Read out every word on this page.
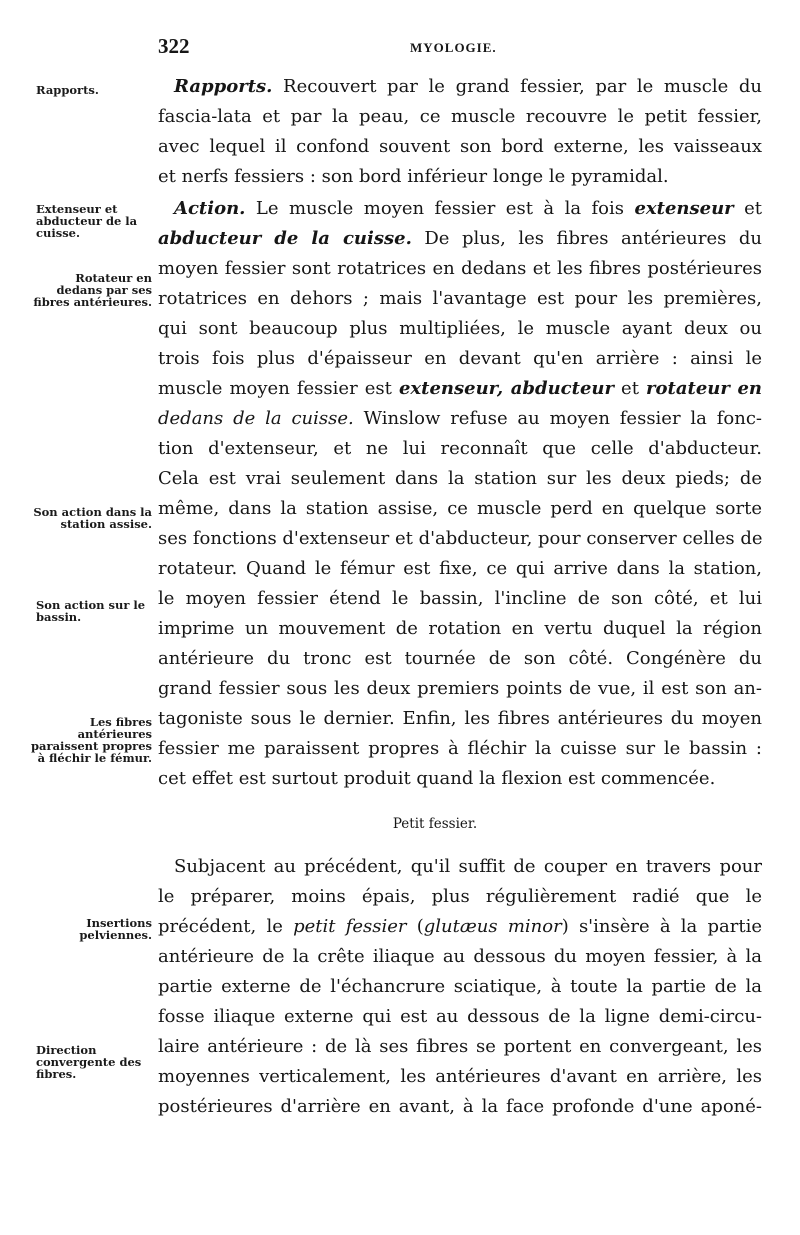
322	MYOLOGIE.
Rapports.
Extenseur et abducteur de la cuisse.
Rotateur en dedans par ses fibres antérieures.
Son action dans la station assise.
Son action sur le bassin.
Les fibres antérieures paraissent propres à fléchir le fémur.
Insertions pelviennes.
Direction convergente des fibres.
Rapports. Recouvert par le grand fessier, par le muscle du
fascia-lata et par la peau, ce muscle recouvre le petit fessier,
avec lequel il confond souvent son bord externe, les vaisseaux
et nerfs fessiers : son bord inférieur longe le pyramidal.
Action. Le muscle moyen fessier est à la fois extenseur et
abducteur de la cuisse. De plus, les fibres antérieures du
moyen fessier sont rotatrices en dedans et les fibres postérieures
rotatrices en dehors ; mais l'avantage est pour les premières,
qui sont beaucoup plus multipliées, le muscle ayant deux ou
trois fois plus d'épaisseur en devant qu'en arrière : ainsi le
muscle moyen fessier est extenseur, abducteur et rotateur en
dedans de la cuisse. Winslow refuse au moyen fessier la fonc-
tion d'extenseur, et ne lui reconnaît que celle d'abducteur.
Cela est vrai seulement dans la station sur les deux pieds; de
même, dans la station assise, ce muscle perd en quelque sorte
ses fonctions d'extenseur et d'abducteur, pour conserver celles de
rotateur. Quand le fémur est fixe, ce qui arrive dans la station,
le moyen fessier étend le bassin, l'incline de son côté, et lui
imprime un mouvement de rotation en vertu duquel la région
antérieure du tronc est tournée de son côté. Congénère du
grand fessier sous les deux premiers points de vue, il est son an-
tagoniste sous le dernier. Enfin, les fibres antérieures du moyen
fessier me paraissent propres à fléchir la cuisse sur le bassin :
cet effet est surtout produit quand la flexion est commencée.
Petit fessier.
Subjacent au précédent, qu'il suffit de couper en travers pour
le préparer, moins épais, plus régulièrement radié que le
précédent, le petit fessier (glutæus minor) s'insère à la partie
antérieure de la crête iliaque au dessous du moyen fessier, à la
partie externe de l'échancrure sciatique, à toute la partie de la
fosse iliaque externe qui est au dessous de la ligne demi-circu-
laire antérieure : de là ses fibres se portent en convergeant, les
moyennes verticalement, les antérieures d'avant en arrière, les
postérieures d'arrière en avant, à la face profonde d'une aponé-
